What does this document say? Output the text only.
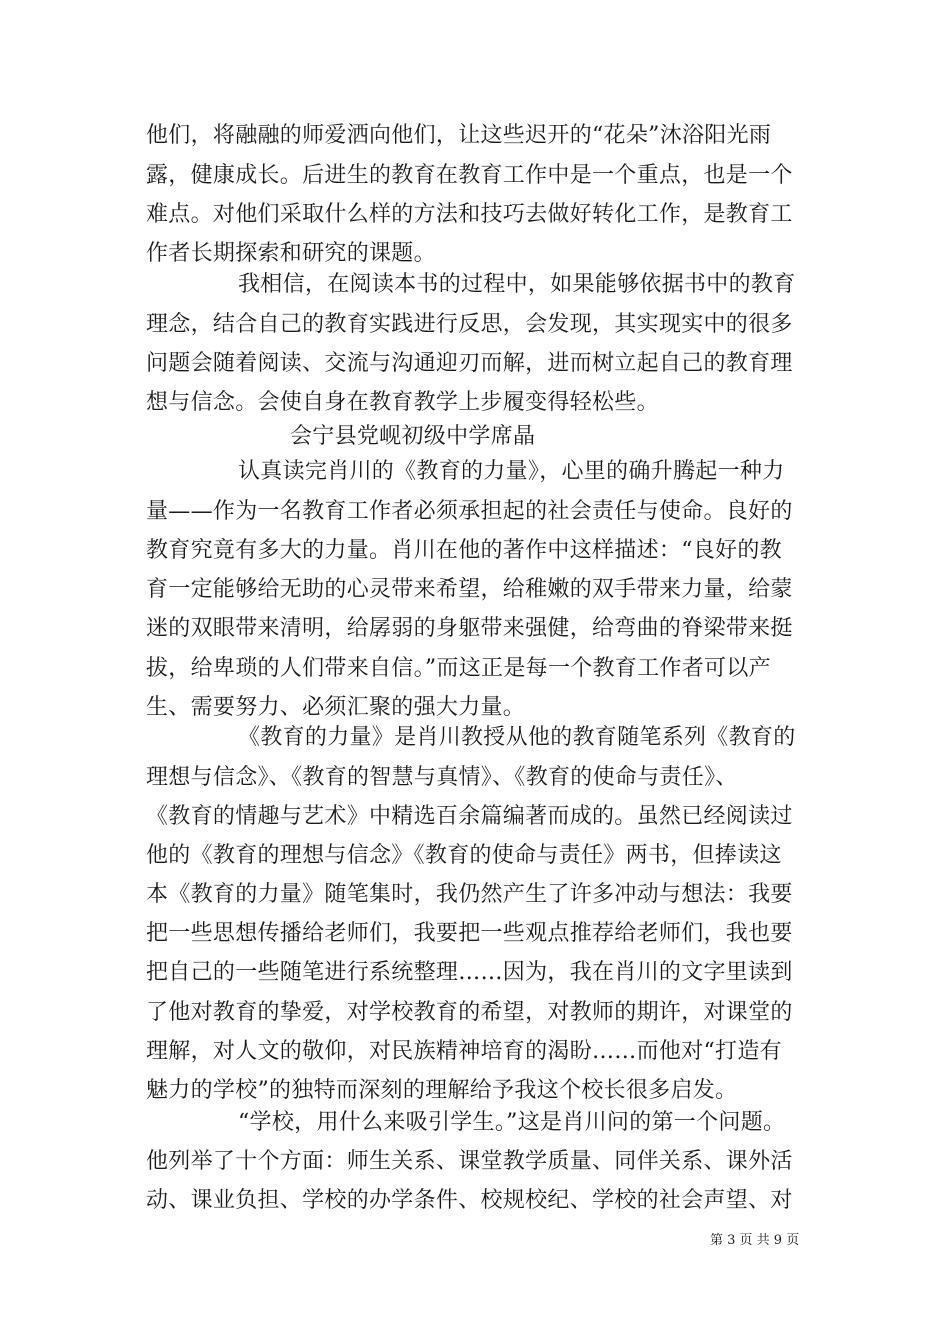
他们，将融融的师爱洒向他们，让这些迟开的“花朵”沐浴阳光雨
露，健康成长。后进生的教育在教育工作中是一个重点，也是一个
难点。对他们采取什么样的方法和技巧去做好转化工作，是教育工
作者长期探索和研究的课题。
我相信，在阅读本书的过程中，如果能够依据书中的教育
理念，结合自己的教育实践进行反思，会发现，其实现实中的很多
问题会随着阅读、交流与沟通迎刃而解，进而树立起自己的教育理
想与信念。会使自身在教育教学上步履变得轻松些。
会宁县党岘初级中学席晶
认真读完肖川的《教育的力量》，心里的确升腾起一种力
量——作为一名教育工作者必须承担起的社会责任与使命。良好的
教育究竟有多大的力量。肖川在他的著作中这样描述：“良好的教
育一定能够给无助的心灵带来希望，给稚嫩的双手带来力量，给蒙
迷的双眼带来清明，给孱弱的身躯带来强健，给弯曲的脊梁带来挺
拔，给卑琐的人们带来自信。”而这正是每一个教育工作者可以产
生、需要努力、必须汇聚的强大力量。
《教育的力量》是肖川教授从他的教育随笔系列《教育的
理想与信念》、《教育的智慧与真情》、《教育的使命与责任》、
《教育的情趣与艺术》中精选百余篇编著而成的。虽然已经阅读过
他的《教育的理想与信念》《教育的使命与责任》两书，但捧读这
本《教育的力量》随笔集时，我仍然产生了许多冲动与想法：我要
把一些思想传播给老师们，我要把一些观点推荐给老师们，我也要
把自己的一些随笔进行系统整理……因为，我在肖川的文字里读到
了他对教育的挚爱，对学校教育的希望，对教师的期许，对课堂的
理解，对人文的敬仰，对民族精神培育的渴盼……而他对“打造有
魅力的学校”的独特而深刻的理解给予我这个校长很多启发。
“学校，用什么来吸引学生。”这是肖川问的第一个问题。
他列举了十个方面：师生关系、课堂教学质量、同伴关系、课外活
动、课业负担、学校的办学条件、校规校纪、学校的社会声望、对
第 3 页 共 9 页
